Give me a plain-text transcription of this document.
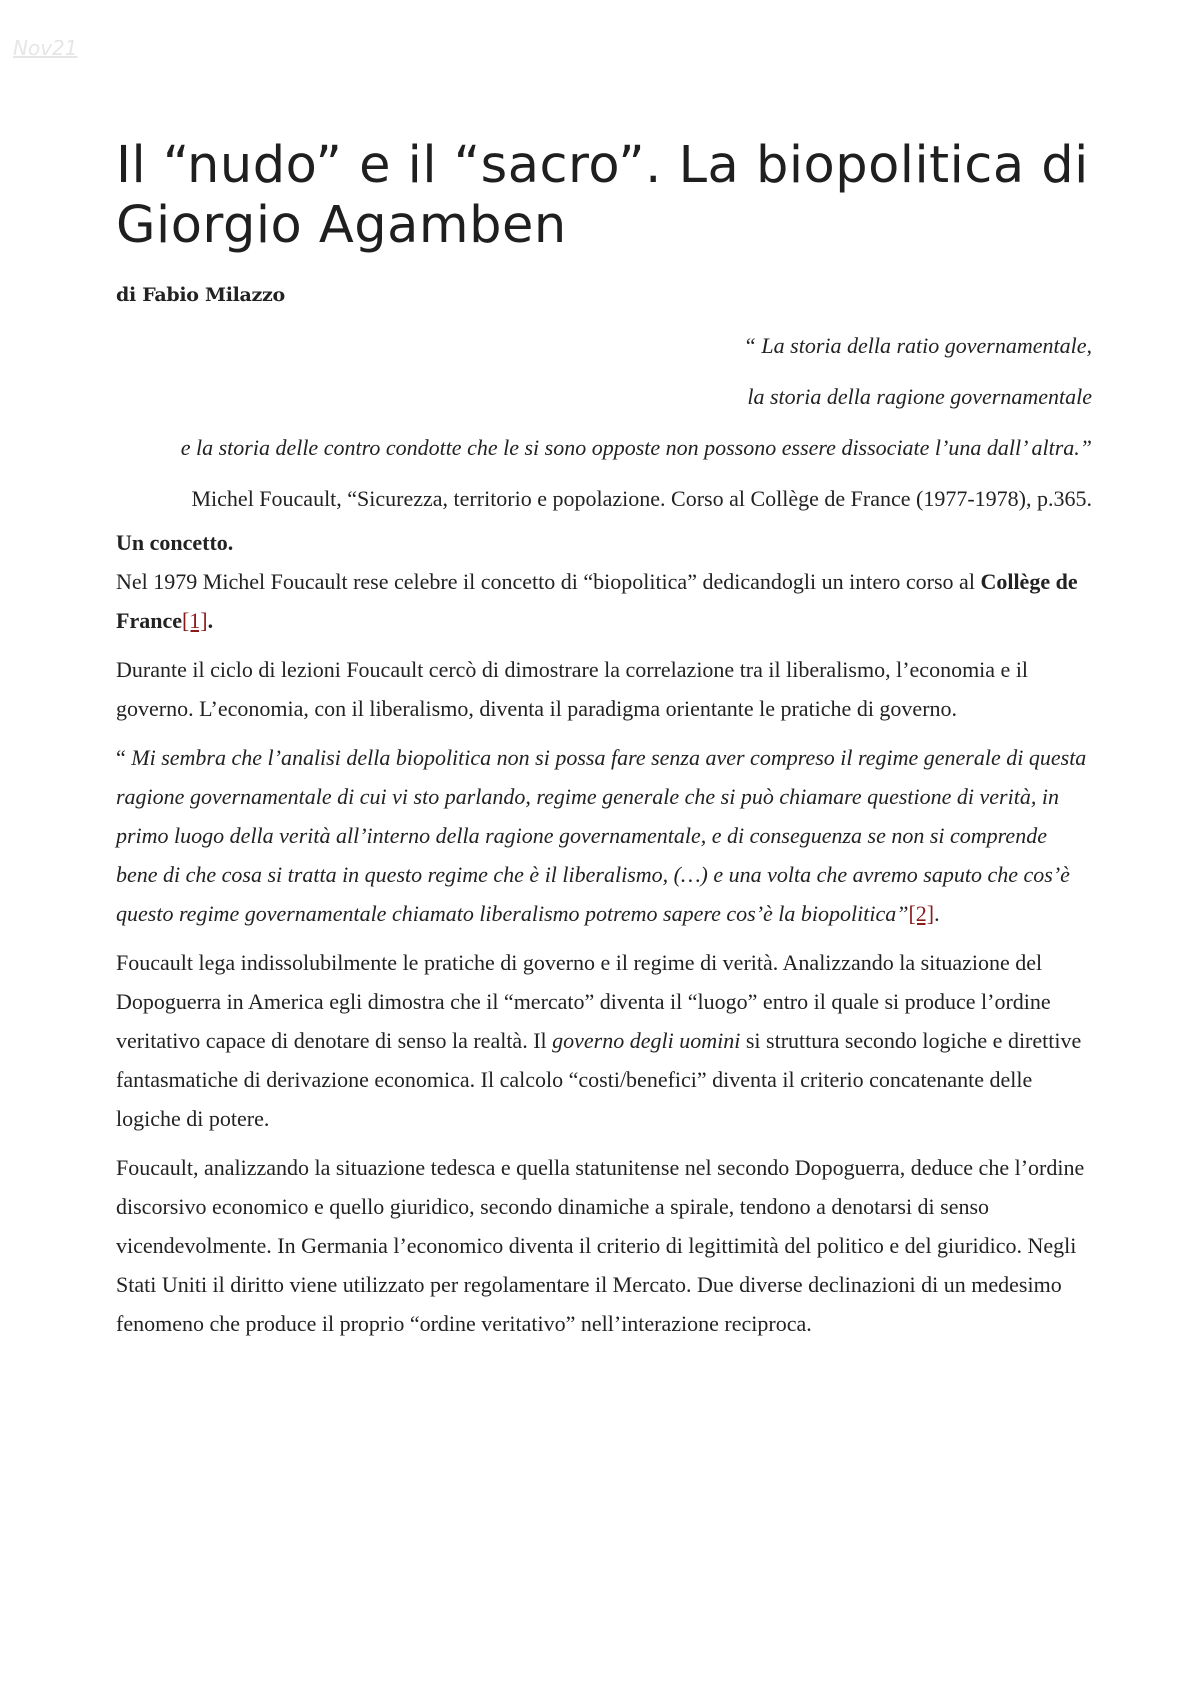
Nov21
Il “nudo” e il “sacro”. La biopolitica di Giorgio Agamben
di Fabio Milazzo

“ La storia della ratio governamentale,

la storia della ragione governamentale

e la storia delle contro condotte che le si sono opposte non possono essere dissociate l’una dall’ altra.”

Michel Foucault, “Sicurezza, territorio e popolazione. Corso al Collège de France (1977-1978), p.365.

Un concetto.

Nel 1979 Michel Foucault rese celebre il concetto di “biopolitica” dedicandogli un intero corso al Collège de France[1].

Durante il ciclo di lezioni Foucault cercò di dimostrare la correlazione tra il liberalismo, l’economia e il governo. L’economia, con il liberalismo, diventa il paradigma orientante le pratiche di governo.

“ Mi sembra che l’analisi della biopolitica non si possa fare senza aver compreso il regime generale di questa ragione governamentale di cui vi sto parlando, regime generale che si può chiamare questione di verità, in primo luogo della verità all’interno della ragione governamentale, e di conseguenza se non si comprende bene di che cosa si tratta in questo regime che è il liberalismo, (…) e una volta che avremo saputo che cos’è questo regime governamentale chiamato liberalismo potremo sapere cos’è la biopolitica”[2].

Foucault lega indissolubilmente le pratiche di governo e il regime di verità. Analizzando la situazione del Dopoguerra in America egli dimostra che il “mercato” diventa il “luogo” entro il quale si produce l’ordine veritativo capace di denotare di senso la realtà. Il governo degli uomini si struttura secondo logiche e direttive fantasmatiche di derivazione economica. Il calcolo “costi/benefici” diventa il criterio concatenante delle logiche di potere.

Foucault, analizzando la situazione tedesca e quella statunitense nel secondo Dopoguerra, deduce che l’ordine discorsivo economico e quello giuridico, secondo dinamiche a spirale, tendono a denotarsi di senso vicendevolmente. In Germania l’economico diventa il criterio di legittimità del politico e del giuridico. Negli Stati Uniti il diritto viene utilizzato per regolamentare il Mercato. Due diverse declinazioni di un medesimo fenomeno che produce il proprio “ordine veritativo” nell’interazione reciproca.
